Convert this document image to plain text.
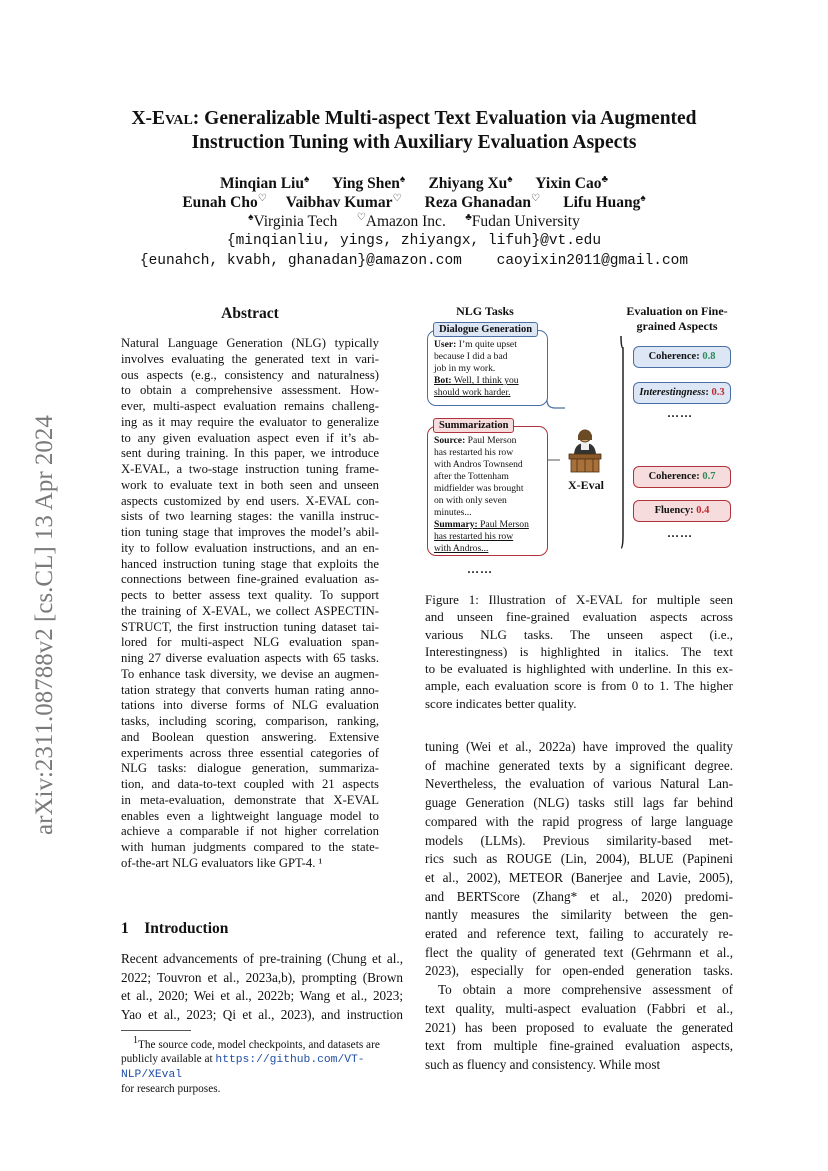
arXiv:2311.08788v2 [cs.CL] 13 Apr 2024
X-Eval: Generalizable Multi-aspect Text Evaluation via Augmented
Instruction Tuning with Auxiliary Evaluation Aspects
Minqian Liu♠ Ying Shen♠ Zhiyang Xu♠ Yixin Cao♣
Eunah Cho♡ Vaibhav Kumar♡ Reza Ghanadan♡ Lifu Huang♠
♠Virginia Tech ♡Amazon Inc. ♣Fudan University
{minqianliu, yings, zhiyangx, lifuh}@vt.edu
{eunahch, kvabh, ghanadan}@amazon.com caoyixin2011@gmail.com
Abstract
Natural Language Generation (NLG) typically
involves evaluating the generated text in vari-
ous aspects (e.g., consistency and naturalness)
to obtain a comprehensive assessment. How-
ever, multi-aspect evaluation remains challeng-
ing as it may require the evaluator to generalize
to any given evaluation aspect even if it’s ab-
sent during training. In this paper, we introduce
X-EVAL, a two-stage instruction tuning frame-
work to evaluate text in both seen and unseen
aspects customized by end users. X-EVAL con-
sists of two learning stages: the vanilla instruc-
tion tuning stage that improves the model’s abil-
ity to follow evaluation instructions, and an en-
hanced instruction tuning stage that exploits the
connections between fine-grained evaluation as-
pects to better assess text quality. To support
the training of X-EVAL, we collect ASPECTIN-
STRUCT, the first instruction tuning dataset tai-
lored for multi-aspect NLG evaluation span-
ning 27 diverse evaluation aspects with 65 tasks.
To enhance task diversity, we devise an augmen-
tation strategy that converts human rating anno-
tations into diverse forms of NLG evaluation
tasks, including scoring, comparison, ranking,
and Boolean question answering. Extensive
experiments across three essential categories of
NLG tasks: dialogue generation, summariza-
tion, and data-to-text coupled with 21 aspects
in meta-evaluation, demonstrate that X-EVAL
enables even a lightweight language model to
achieve a comparable if not higher correlation
with human judgments compared to the state-
of-the-art NLG evaluators like GPT-4. ¹
1 Introduction
Recent advancements of pre-training (Chung et al.,
2022; Touvron et al., 2023a,b), prompting (Brown
et al., 2020; Wei et al., 2022b; Wang et al., 2023;
Yao et al., 2023; Qi et al., 2023), and instruction
$^1$The source code, model checkpoints, and datasets are
publicly available at https://github.com/VT-NLP/XEval
for research purposes.
NLG Tasks	Evaluation on Fine-
grained Aspects
User: I’m quite upset
because I did a bad
job in my work.
Bot: Well, I think you
should work harder.
Dialogue Generation
Source: Paul Merson
has restarted his row
with Andros Townsend
after the Tottenham
midfielder was brought
on with only seven
minutes...
Summary: Paul Merson
has restarted his row
with Andros...
Summarization
……
X-Eval
Coherence: 0.8
Interestingness: 0.3
……
Coherence: 0.7
Fluency: 0.4
……
Figure 1: Illustration of X-EVAL for multiple seen
and unseen fine-grained evaluation aspects across
various NLG tasks. The unseen aspect (i.e.,
Interestingness) is highlighted in italics. The text
to be evaluated is highlighted with underline. In this ex-
ample, each evaluation score is from 0 to 1. The higher
score indicates better quality.
tuning (Wei et al., 2022a) have improved the quality
of machine generated texts by a significant degree.
Nevertheless, the evaluation of various Natural Lan-
guage Generation (NLG) tasks still lags far behind
compared with the rapid progress of large language
models (LLMs). Previous similarity-based met-
rics such as ROUGE (Lin, 2004), BLUE (Papineni
et al., 2002), METEOR (Banerjee and Lavie, 2005),
and BERTScore (Zhang* et al., 2020) predomi-
nantly measures the similarity between the gen-
erated and reference text, failing to accurately re-
flect the quality of generated text (Gehrmann et al.,
2023), especially for open-ended generation tasks.
To obtain a more comprehensive assessment of
text quality, multi-aspect evaluation (Fabbri et al.,
2021) has been proposed to evaluate the generated
text from multiple fine-grained evaluation aspects,
such as fluency and consistency. While most
